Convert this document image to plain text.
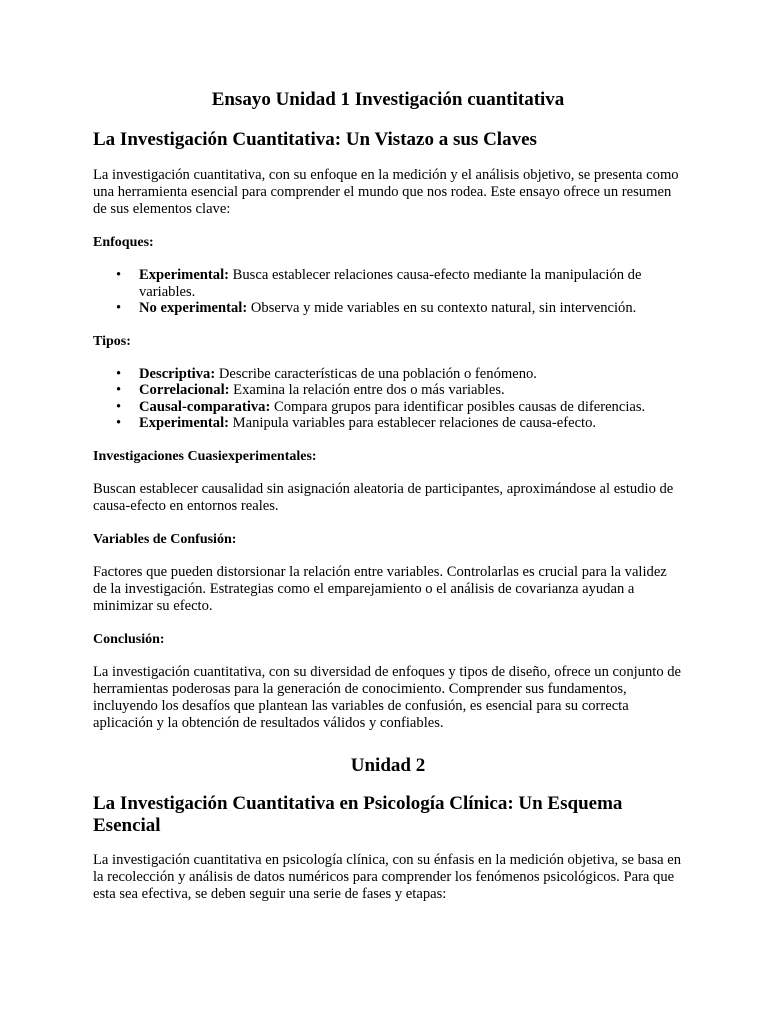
Ensayo Unidad 1 Investigación cuantitativa
La Investigación Cuantitativa: Un Vistazo a sus Claves
La investigación cuantitativa, con su enfoque en la medición y el análisis objetivo, se presenta como una herramienta esencial para comprender el mundo que nos rodea. Este ensayo ofrece un resumen de sus elementos clave:
Enfoques:
• Experimental: Busca establecer relaciones causa-efecto mediante la manipulación de variables.
• No experimental: Observa y mide variables en su contexto natural, sin intervención.
Tipos:
• Descriptiva: Describe características de una población o fenómeno.
• Correlacional: Examina la relación entre dos o más variables.
• Causal-comparativa: Compara grupos para identificar posibles causas de diferencias.
• Experimental: Manipula variables para establecer relaciones de causa-efecto.
Investigaciones Cuasiexperimentales:
Buscan establecer causalidad sin asignación aleatoria de participantes, aproximándose al estudio de causa-efecto en entornos reales.
Variables de Confusión:
Factores que pueden distorsionar la relación entre variables. Controlarlas es crucial para la validez de la investigación. Estrategias como el emparejamiento o el análisis de covarianza ayudan a minimizar su efecto.
Conclusión:
La investigación cuantitativa, con su diversidad de enfoques y tipos de diseño, ofrece un conjunto de herramientas poderosas para la generación de conocimiento. Comprender sus fundamentos, incluyendo los desafíos que plantean las variables de confusión, es esencial para su correcta aplicación y la obtención de resultados válidos y confiables.
Unidad 2
La Investigación Cuantitativa en Psicología Clínica: Un Esquema Esencial
La investigación cuantitativa en psicología clínica, con su énfasis en la medición objetiva, se basa en la recolección y análisis de datos numéricos para comprender los fenómenos psicológicos. Para que esta sea efectiva, se deben seguir una serie de fases y etapas:
